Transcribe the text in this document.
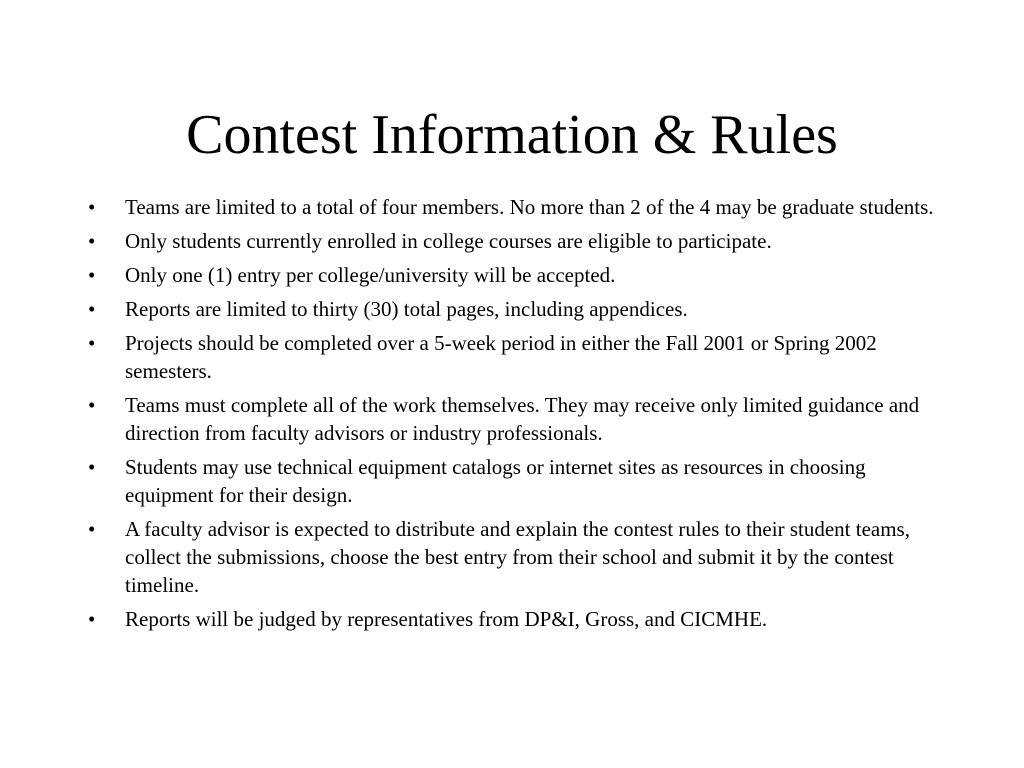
Contest Information & Rules
• Teams are limited to a total of four members. No more than 2 of the 4 may be graduate students.
• Only students currently enrolled in college courses are eligible to participate.
• Only one (1) entry per college/university will be accepted.
• Reports are limited to thirty (30) total pages, including appendices.
• Projects should be completed over a 5-week period in either the Fall 2001 or Spring 2002 semesters.
• Teams must complete all of the work themselves. They may receive only limited guidance and direction from faculty advisors or industry professionals.
• Students may use technical equipment catalogs or internet sites as resources in choosing equipment for their design.
• A faculty advisor is expected to distribute and explain the contest rules to their student teams, collect the submissions, choose the best entry from their school and submit it by the contest timeline.
• Reports will be judged by representatives from DP&I, Gross, and CICMHE.
